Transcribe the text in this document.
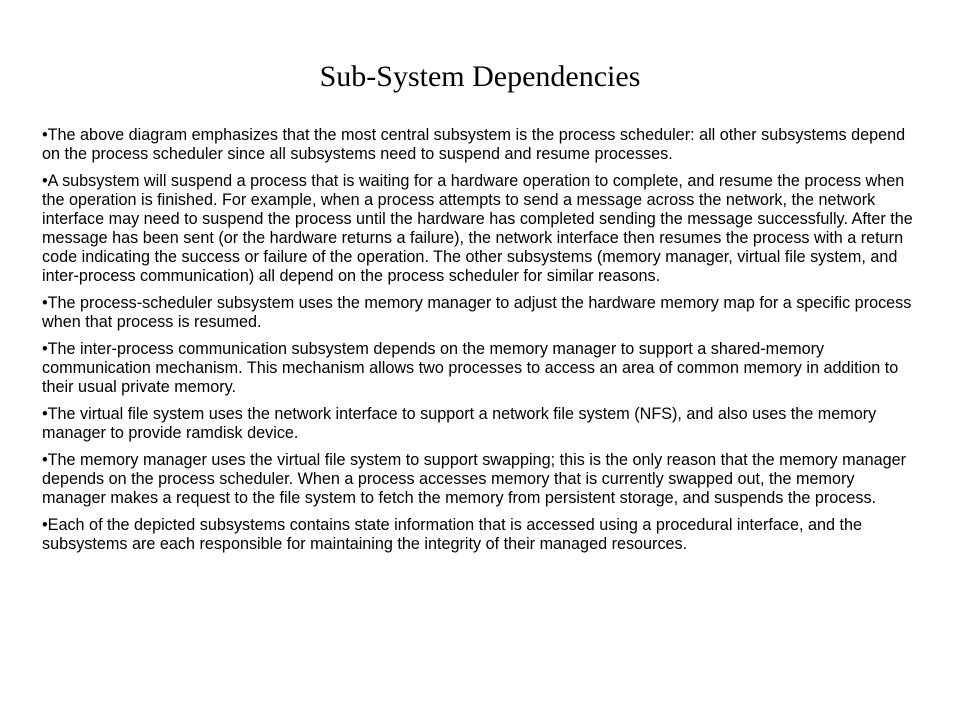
Sub-System Dependencies

•The above diagram emphasizes that the most central subsystem is the process scheduler: all other subsystems depend on the process scheduler since all subsystems need to suspend and resume processes.

•A subsystem will suspend a process that is waiting for a hardware operation to complete, and resume the process when the operation is finished. For example, when a process attempts to send a message across the network, the network interface may need to suspend the process until the hardware has completed sending the message successfully. After the message has been sent (or the hardware returns a failure), the network interface then resumes the process with a return code indicating the success or failure of the operation. The other subsystems (memory manager, virtual file system, and inter-process communication) all depend on the process scheduler for similar reasons.

•The process-scheduler subsystem uses the memory manager to adjust the hardware memory map for a specific process when that process is resumed.

•The inter-process communication subsystem depends on the memory manager to support a shared-memory communication mechanism. This mechanism allows two processes to access an area of common memory in addition to their usual private memory.

•The virtual file system uses the network interface to support a network file system (NFS), and also uses the memory manager to provide ramdisk device.

•The memory manager uses the virtual file system to support swapping; this is the only reason that the memory manager depends on the process scheduler. When a process accesses memory that is currently swapped out, the memory manager makes a request to the file system to fetch the memory from persistent storage, and suspends the process.

•Each of the depicted subsystems contains state information that is accessed using a procedural interface, and the subsystems are each responsible for maintaining the integrity of their managed resources.
